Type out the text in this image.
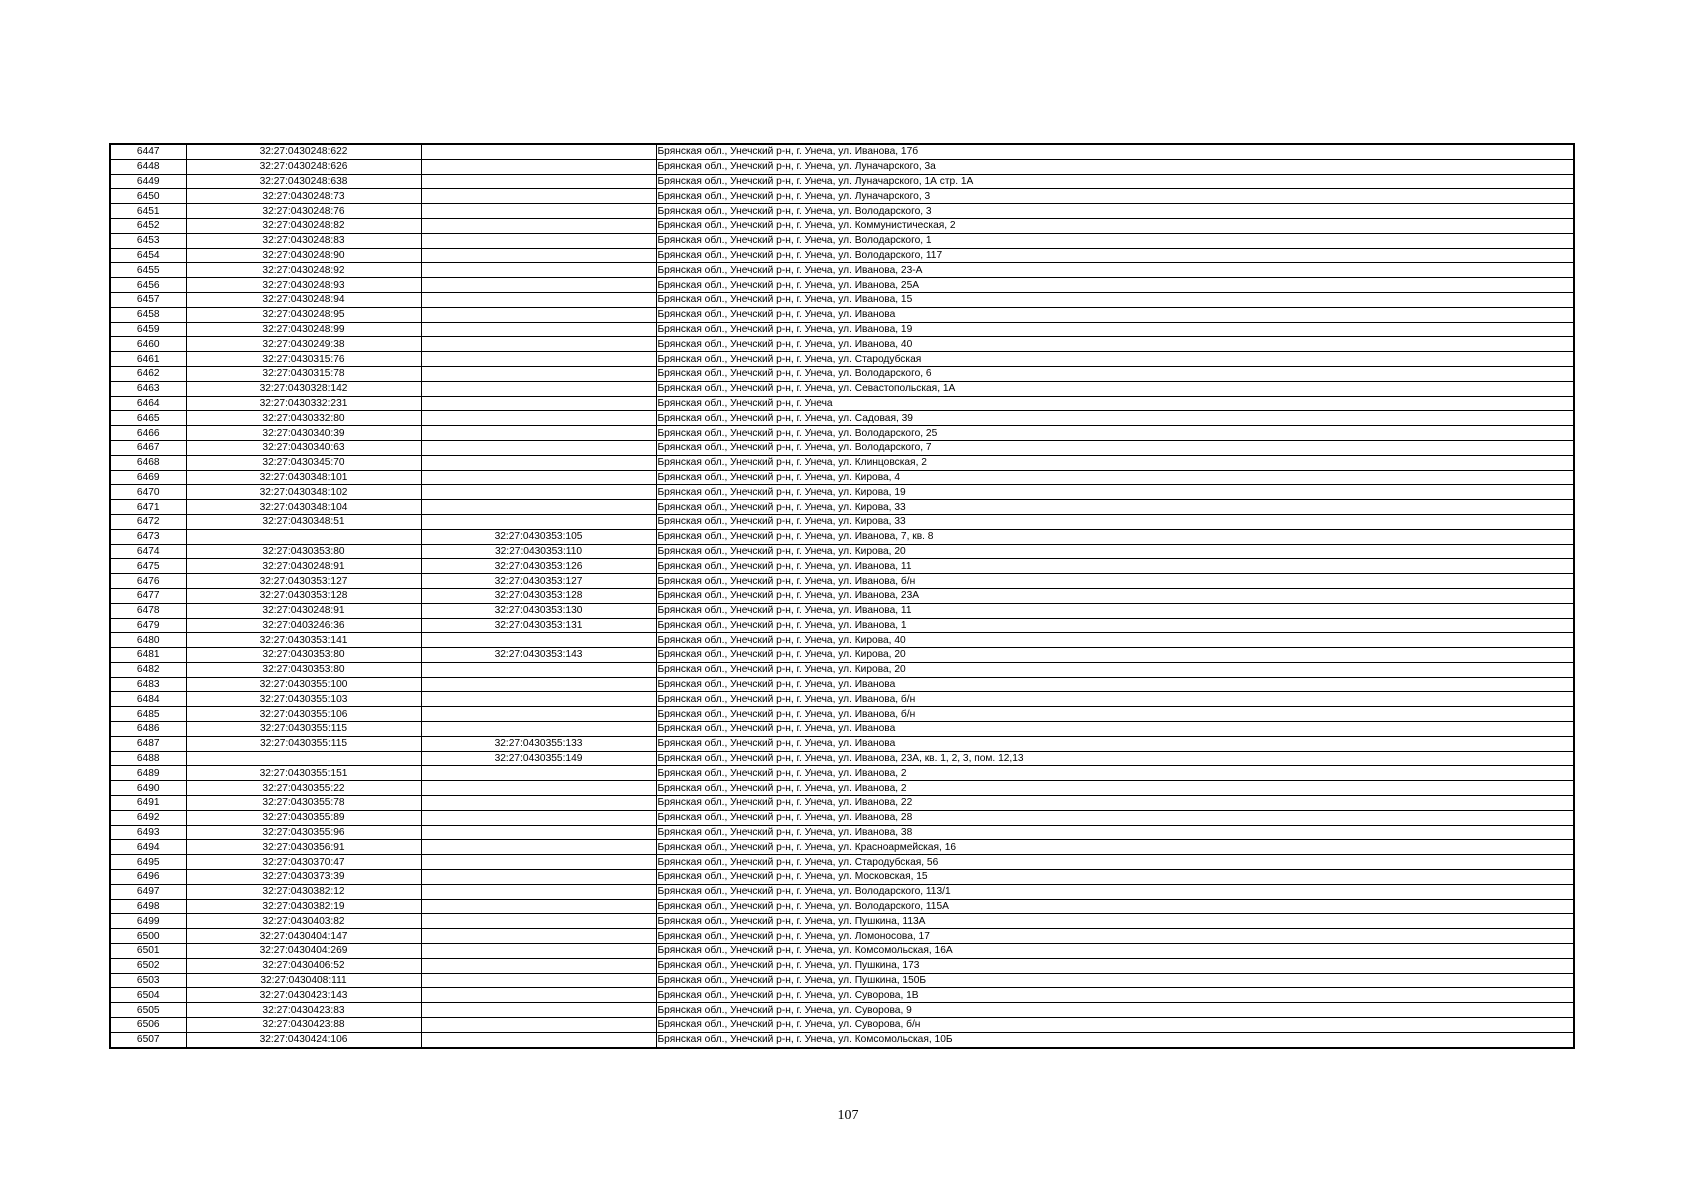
6447	32:27:0430248:622		Брянская обл., Унечский р-н, г. Унеча, ул. Иванова, 17б
6448	32:27:0430248:626		Брянская обл., Унечский р-н, г. Унеча, ул. Луначарского, 3а
6449	32:27:0430248:638		Брянская обл., Унечский р-н, г. Унеча, ул. Луначарского, 1А стр. 1А
6450	32:27:0430248:73		Брянская обл., Унечский р-н, г. Унеча, ул. Луначарского, 3
6451	32:27:0430248:76		Брянская обл., Унечский р-н, г. Унеча, ул. Володарского, 3
6452	32:27:0430248:82		Брянская обл., Унечский р-н, г. Унеча, ул. Коммунистическая, 2
6453	32:27:0430248:83		Брянская обл., Унечский р-н, г. Унеча, ул. Володарского, 1
6454	32:27:0430248:90		Брянская обл., Унечский р-н, г. Унеча, ул. Володарского, 117
6455	32:27:0430248:92		Брянская обл., Унечский р-н, г. Унеча, ул. Иванова, 23-А
6456	32:27:0430248:93		Брянская обл., Унечский р-н, г. Унеча, ул. Иванова, 25А
6457	32:27:0430248:94		Брянская обл., Унечский р-н, г. Унеча, ул. Иванова, 15
6458	32:27:0430248:95		Брянская обл., Унечский р-н, г. Унеча, ул. Иванова
6459	32:27:0430248:99		Брянская обл., Унечский р-н, г. Унеча, ул. Иванова, 19
6460	32:27:0430249:38		Брянская обл., Унечский р-н, г. Унеча, ул. Иванова, 40
6461	32:27:0430315:76		Брянская обл., Унечский р-н, г. Унеча, ул. Стародубская
6462	32:27:0430315:78		Брянская обл., Унечский р-н, г. Унеча, ул. Володарского, 6
6463	32:27:0430328:142		Брянская обл., Унечский р-н, г. Унеча, ул. Севастопольская, 1А
6464	32:27:0430332:231		Брянская обл., Унечский р-н, г. Унеча
6465	32:27:0430332:80		Брянская обл., Унечский р-н, г. Унеча, ул. Садовая, 39
6466	32:27:0430340:39		Брянская обл., Унечский р-н, г. Унеча, ул. Володарского, 25
6467	32:27:0430340:63		Брянская обл., Унечский р-н, г. Унеча, ул. Володарского, 7
6468	32:27:0430345:70		Брянская обл., Унечский р-н, г. Унеча, ул. Клинцовская, 2
6469	32:27:0430348:101		Брянская обл., Унечский р-н, г. Унеча, ул. Кирова, 4
6470	32:27:0430348:102		Брянская обл., Унечский р-н, г. Унеча, ул. Кирова, 19
6471	32:27:0430348:104		Брянская обл., Унечский р-н, г. Унеча, ул. Кирова, 33
6472	32:27:0430348:51		Брянская обл., Унечский р-н, г. Унеча, ул. Кирова, 33
6473		32:27:0430353:105	Брянская обл., Унечский р-н, г. Унеча, ул. Иванова, 7, кв. 8
6474	32:27:0430353:80	32:27:0430353:110	Брянская обл., Унечский р-н, г. Унеча, ул. Кирова, 20
6475	32:27:0430248:91	32:27:0430353:126	Брянская обл., Унечский р-н, г. Унеча, ул. Иванова, 11
6476	32:27:0430353:127	32:27:0430353:127	Брянская обл., Унечский р-н, г. Унеча, ул. Иванова, б/н
6477	32:27:0430353:128	32:27:0430353:128	Брянская обл., Унечский р-н, г. Унеча, ул. Иванова, 23А
6478	32:27:0430248:91	32:27:0430353:130	Брянская обл., Унечский р-н, г. Унеча, ул. Иванова, 11
6479	32:27:0403246:36	32:27:0430353:131	Брянская обл., Унечский р-н, г. Унеча, ул. Иванова, 1
6480	32:27:0430353:141		Брянская обл., Унечский р-н, г. Унеча, ул. Кирова, 40
6481	32:27:0430353:80	32:27:0430353:143	Брянская обл., Унечский р-н, г. Унеча, ул. Кирова, 20
6482	32:27:0430353:80		Брянская обл., Унечский р-н, г. Унеча, ул. Кирова, 20
6483	32:27:0430355:100		Брянская обл., Унечский р-н, г. Унеча, ул. Иванова
6484	32:27:0430355:103		Брянская обл., Унечский р-н, г. Унеча, ул. Иванова, б/н
6485	32:27:0430355:106		Брянская обл., Унечский р-н, г. Унеча, ул. Иванова, б/н
6486	32:27:0430355:115		Брянская обл., Унечский р-н, г. Унеча, ул. Иванова
6487	32:27:0430355:115	32:27:0430355:133	Брянская обл., Унечский р-н, г. Унеча, ул. Иванова
6488		32:27:0430355:149	Брянская обл., Унечский р-н, г. Унеча, ул. Иванова, 23А, кв. 1, 2, 3, пом. 12,13
6489	32:27:0430355:151		Брянская обл., Унечский р-н, г. Унеча, ул. Иванова, 2
6490	32:27:0430355:22		Брянская обл., Унечский р-н, г. Унеча, ул. Иванова, 2
6491	32:27:0430355:78		Брянская обл., Унечский р-н, г. Унеча, ул. Иванова, 22
6492	32:27:0430355:89		Брянская обл., Унечский р-н, г. Унеча, ул. Иванова, 28
6493	32:27:0430355:96		Брянская обл., Унечский р-н, г. Унеча, ул. Иванова, 38
6494	32:27:0430356:91		Брянская обл., Унечский р-н, г. Унеча, ул. Красноармейская, 16
6495	32:27:0430370:47		Брянская обл., Унечский р-н, г. Унеча, ул. Стародубская, 56
6496	32:27:0430373:39		Брянская обл., Унечский р-н, г. Унеча, ул. Московская, 15
6497	32:27:0430382:12		Брянская обл., Унечский р-н, г. Унеча, ул. Володарского, 113/1
6498	32:27:0430382:19		Брянская обл., Унечский р-н, г. Унеча, ул. Володарского, 115А
6499	32:27:0430403:82		Брянская обл., Унечский р-н, г. Унеча, ул. Пушкина, 113А
6500	32:27:0430404:147		Брянская обл., Унечский р-н, г. Унеча, ул. Ломоносова, 17
6501	32:27:0430404:269		Брянская обл., Унечский р-н, г. Унеча, ул. Комсомольская, 16А
6502	32:27:0430406:52		Брянская обл., Унечский р-н, г. Унеча, ул. Пушкина, 173
6503	32:27:0430408:111		Брянская обл., Унечский р-н, г. Унеча, ул. Пушкина, 150Б
6504	32:27:0430423:143		Брянская обл., Унечский р-н, г. Унеча, ул. Суворова, 1В
6505	32:27:0430423:83		Брянская обл., Унечский р-н, г. Унеча, ул. Суворова, 9
6506	32:27:0430423:88		Брянская обл., Унечский р-н, г. Унеча, ул. Суворова, б/н
6507	32:27:0430424:106		Брянская обл., Унечский р-н, г. Унеча, ул. Комсомольская, 10Б
107
